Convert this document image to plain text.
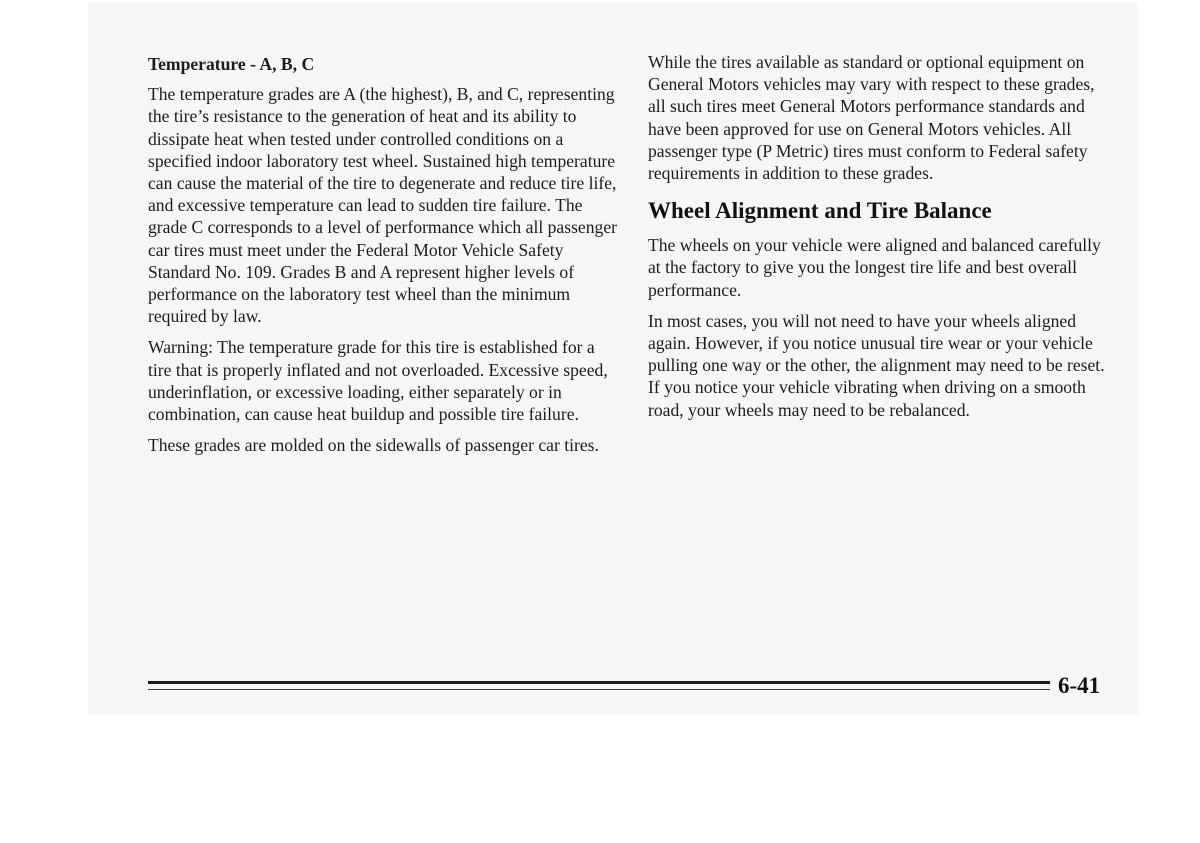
Temperature - A, B, C

The temperature grades are A (the highest), B, and C, representing the tire’s resistance to the generation of heat and its ability to dissipate heat when tested under controlled conditions on a specified indoor laboratory test wheel. Sustained high temperature can cause the material of the tire to degenerate and reduce tire life, and excessive temperature can lead to sudden tire failure. The grade C corresponds to a level of performance which all passenger car tires must meet under the Federal Motor Vehicle Safety Standard No. 109. Grades B and A represent higher levels of performance on the laboratory test wheel than the minimum required by law.

Warning: The temperature grade for this tire is established for a tire that is properly inflated and not overloaded. Excessive speed, underinflation, or excessive loading, either separately or in combination, can cause heat buildup and possible tire failure.

These grades are molded on the sidewalls of passenger car tires.

While the tires available as standard or optional equipment on General Motors vehicles may vary with respect to these grades, all such tires meet General Motors performance standards and have been approved for use on General Motors vehicles. All passenger type (P Metric) tires must conform to Federal safety requirements in addition to these grades.

Wheel Alignment and Tire Balance

The wheels on your vehicle were aligned and balanced carefully at the factory to give you the longest tire life and best overall performance.

In most cases, you will not need to have your wheels aligned again. However, if you notice unusual tire wear or your vehicle pulling one way or the other, the alignment may need to be reset. If you notice your vehicle vibrating when driving on a smooth road, your wheels may need to be rebalanced.

6-41
